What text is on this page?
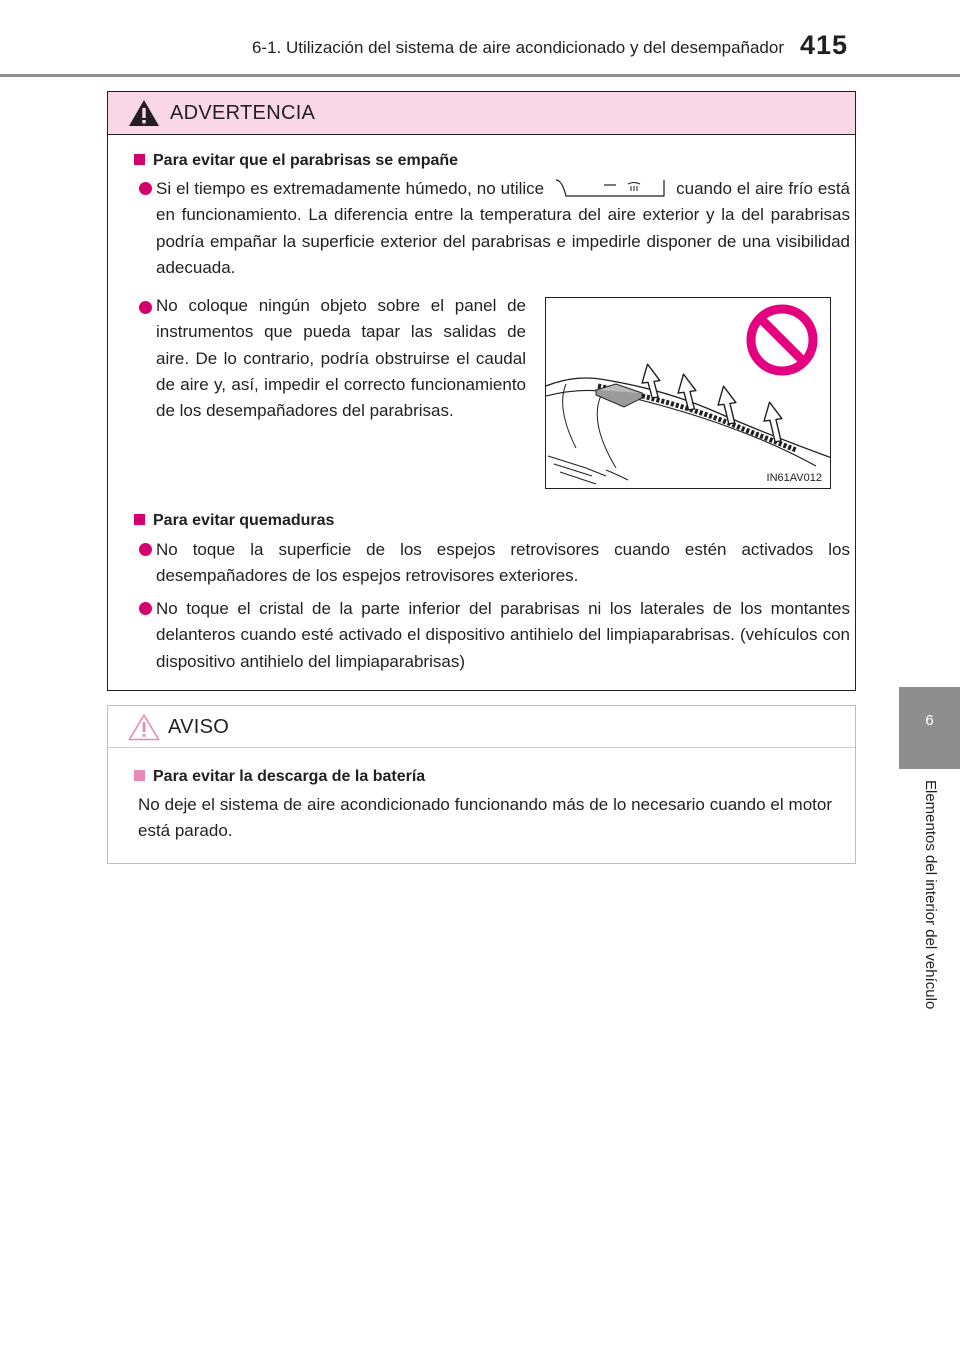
6-1. Utilización del sistema de aire acondicionado y del desempañador 415
6
Elementos del interior del vehículo
ADVERTENCIA
Para evitar que el parabrisas se empañe
Si el tiempo es extremadamente húmedo, no utilice	cuando el aire frío está en funcionamiento. La diferencia entre la temperatura del aire exterior y la del parabrisas podría empañar la superficie exterior del parabrisas e impedirle disponer de una visibilidad adecuada.
No coloque ningún objeto sobre el panel de instrumentos que pueda tapar las salidas de aire. De lo contrario, podría obstruirse el caudal de aire y, así, impedir el correcto funcionamiento de los desempañadores del parabrisas.
Para evitar quemaduras
No toque la superficie de los espejos retrovisores cuando estén activados los desempañadores de los espejos retrovisores exteriores.
No toque el cristal de la parte inferior del parabrisas ni los laterales de los montantes delanteros cuando esté activado el dispositivo antihielo del limpiaparabrisas. (vehículos con dispositivo antihielo del limpiaparabrisas)
IN61AV012
AVISO
Para evitar la descarga de la batería
No deje el sistema de aire acondicionado funcionando más de lo necesario cuando el motor está parado.
